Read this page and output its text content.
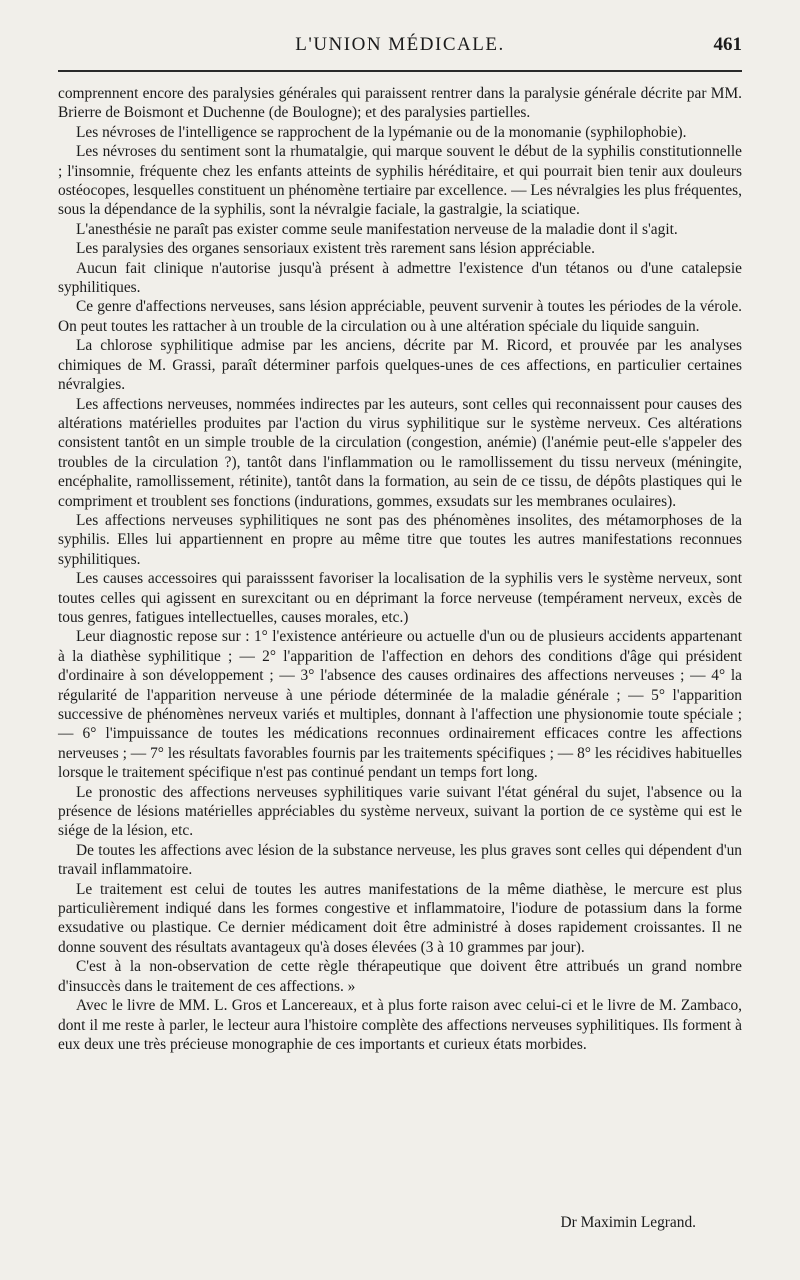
L'UNION MÉDICALE.	461

comprennent encore des paralysies générales qui paraissent rentrer dans la paralysie générale décrite par MM. Brierre de Boismont et Duchenne (de Boulogne); et des paralysies partielles.

Les névroses de l'intelligence se rapprochent de la lypémanie ou de la monomanie (syphilophobie).

Les névroses du sentiment sont la rhumatalgie, qui marque souvent le début de la syphilis constitutionnelle ; l'insomnie, fréquente chez les enfants atteints de syphilis héréditaire, et qui pourrait bien tenir aux douleurs ostéocopes, lesquelles constituent un phénomène tertiaire par excellence. — Les névralgies les plus fréquentes, sous la dépendance de la syphilis, sont la névralgie faciale, la gastralgie, la sciatique.

L'anesthésie ne paraît pas exister comme seule manifestation nerveuse de la maladie dont il s'agit.

Les paralysies des organes sensoriaux existent très rarement sans lésion appréciable.

Aucun fait clinique n'autorise jusqu'à présent à admettre l'existence d'un tétanos ou d'une catalepsie syphilitiques.

Ce genre d'affections nerveuses, sans lésion appréciable, peuvent survenir à toutes les périodes de la vérole. On peut toutes les rattacher à un trouble de la circulation ou à une altération spéciale du liquide sanguin.

La chlorose syphilitique admise par les anciens, décrite par M. Ricord, et prouvée par les analyses chimiques de M. Grassi, paraît déterminer parfois quelques-unes de ces affections, en particulier certaines névralgies.

Les affections nerveuses, nommées indirectes par les auteurs, sont celles qui reconnaissent pour causes des altérations matérielles produites par l'action du virus syphilitique sur le système nerveux. Ces altérations consistent tantôt en un simple trouble de la circulation (congestion, anémie) (l'anémie peut-elle s'appeler des troubles de la circulation ?), tantôt dans l'inflammation ou le ramollissement du tissu nerveux (méningite, encéphalite, ramollissement, rétinite), tantôt dans la formation, au sein de ce tissu, de dépôts plastiques qui le compriment et troublent ses fonctions (indurations, gommes, exsudats sur les membranes oculaires).

Les affections nerveuses syphilitiques ne sont pas des phénomènes insolites, des métamorphoses de la syphilis. Elles lui appartiennent en propre au même titre que toutes les autres manifestations reconnues syphilitiques.

Les causes accessoires qui paraisssent favoriser la localisation de la syphilis vers le système nerveux, sont toutes celles qui agissent en surexcitant ou en déprimant la force nerveuse (tempérament nerveux, excès de tous genres, fatigues intellectuelles, causes morales, etc.)

Leur diagnostic repose sur : 1° l'existence antérieure ou actuelle d'un ou de plusieurs accidents appartenant à la diathèse syphilitique ; — 2° l'apparition de l'affection en dehors des conditions d'âge qui président d'ordinaire à son développement ; — 3° l'absence des causes ordinaires des affections nerveuses ; — 4° la régularité de l'apparition nerveuse à une période déterminée de la maladie générale ; — 5° l'apparition successive de phénomènes nerveux variés et multiples, donnant à l'affection une physionomie toute spéciale ; — 6° l'impuissance de toutes les médications reconnues ordinairement efficaces contre les affections nerveuses ; — 7° les résultats favorables fournis par les traitements spécifiques ; — 8° les récidives habituelles lorsque le traitement spécifique n'est pas continué pendant un temps fort long.

Le pronostic des affections nerveuses syphilitiques varie suivant l'état général du sujet, l'absence ou la présence de lésions matérielles appréciables du système nerveux, suivant la portion de ce système qui est le siége de la lésion, etc.

De toutes les affections avec lésion de la substance nerveuse, les plus graves sont celles qui dépendent d'un travail inflammatoire.

Le traitement est celui de toutes les autres manifestations de la même diathèse, le mercure est plus particulièrement indiqué dans les formes congestive et inflammatoire, l'iodure de potassium dans la forme exsudative ou plastique. Ce dernier médicament doit être administré à doses rapidement croissantes. Il ne donne souvent des résultats avantageux qu'à doses élevées (3 à 10 grammes par jour).

C'est à la non-observation de cette règle thérapeutique que doivent être attribués un grand nombre d'insuccès dans le traitement de ces affections. »

Avec le livre de MM. L. Gros et Lancereaux, et à plus forte raison avec celui-ci et le livre de M. Zambaco, dont il me reste à parler, le lecteur aura l'histoire complète des affections nerveuses syphilitiques. Ils forment à eux deux une très précieuse monographie de ces importants et curieux états morbides.

Dr Maximin Legrand.
